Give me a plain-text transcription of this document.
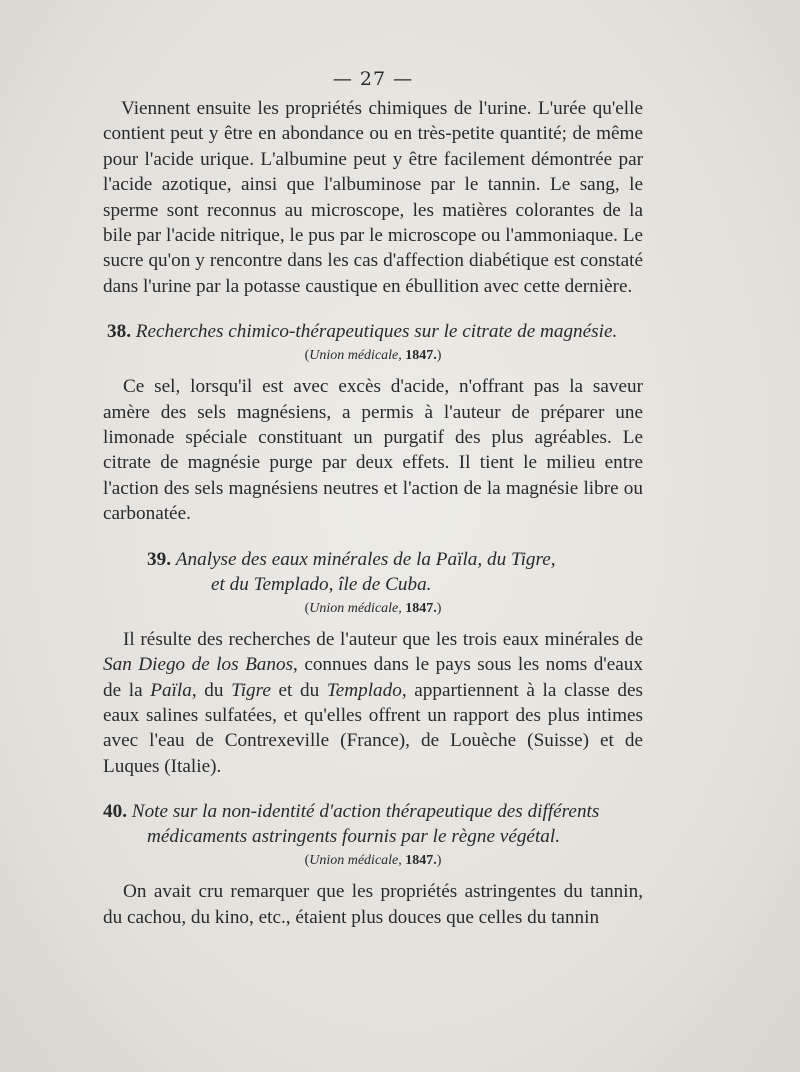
— 27 —

Viennent ensuite les propriétés chimiques de l'urine. L'urée qu'elle contient peut y être en abondance ou en très-petite quantité; de même pour l'acide urique. L'albumine peut y être facilement démontrée par l'acide azotique, ainsi que l'albuminose par le tannin. Le sang, le sperme sont reconnus au microscope, les matières colorantes de la bile par l'acide nitrique, le pus par le microscope ou l'ammoniaque. Le sucre qu'on y rencontre dans les cas d'affection diabétique est constaté dans l'urine par la potasse caustique en ébullition avec cette dernière.

38. Recherches chimico-thérapeutiques sur le citrate de magnésie.
(Union médicale, 1847.)

Ce sel, lorsqu'il est avec excès d'acide, n'offrant pas la saveur amère des sels magnésiens, a permis à l'auteur de préparer une limonade spéciale constituant un purgatif des plus agréables. Le citrate de magnésie purge par deux effets. Il tient le milieu entre l'action des sels magnésiens neutres et l'action de la magnésie libre ou carbonatée.

39. Analyse des eaux minérales de la Païla, du Tigre,
et du Templado, île de Cuba.
(Union médicale, 1847.)

Il résulte des recherches de l'auteur que les trois eaux minérales de San Diego de los Banos, connues dans le pays sous les noms d'eaux de la Païla, du Tigre et du Templado, appartiennent à la classe des eaux salines sulfatées, et qu'elles offrent un rapport des plus intimes avec l'eau de Contrexeville (France), de Louèche (Suisse) et de Luques (Italie).

40. Note sur la non-identité d'action thérapeutique des différents
médicaments astringents fournis par le règne végétal.
(Union médicale, 1847.)

On avait cru remarquer que les propriétés astringentes du tannin, du cachou, du kino, etc., étaient plus douces que celles du tannin
